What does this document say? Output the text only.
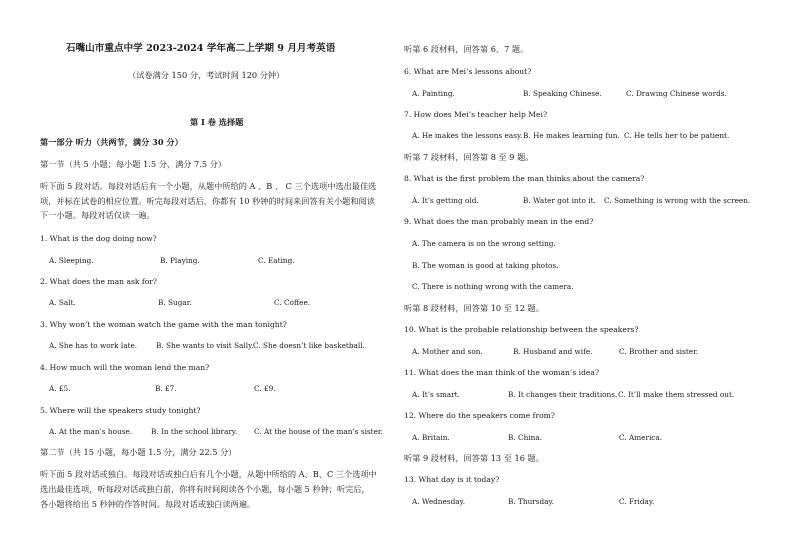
石嘴山市重点中学 2023-2024 学年高二上学期 9 月月考英语
（试卷满分 150 分，考试时间 120 分钟）
第 I 卷 选择题
第一部分 听力（共两节，满分 30 分）
第一节（共 5 小题；每小题 1.5 分，满分 7.5 分）
听下面 5 段对话。每段对话后有一个小题，从题中所给的 A 、B 、 C 三个选项中选出最佳选
项，并标在试卷的相应位置。听完每段对话后，你都有 10 秒钟的时间来回答有关小题和阅读
下一小题。每段对话仅读一遍。
1. What is the dog doing now?
A. Sleeping.	B. Playing.	C. Eating.
2. What does the man ask for?
A. Salt.	B. Sugar.	C. Coffee.
3. Why won’t the woman watch the game with the man tonight?
A. She has to work late.	B. She wants to visit Sally. C. She doesn’t like basketball.
4. How much will the woman lend the man?
A. £5.	B. £7.	C. £9.
5. Where will the speakers study tonight?
A. At the man’s house.	B. In the school library. C. At the house of the man’s sister.
第二节（共 15 小题，每小题 1.5 分，满分 22.5 分）
听下面 5 段对话或独白。每段对话或独白后有几个小题，从题中所给的 A、B、C 三个选项中
选出最佳选项，听每段对话或独白前，你将有时间阅读各个小题，每小题 5 秒钟；听完后，
各小题将给出 5 秒钟的作答时间。每段对话或独白读两遍。
听第 6 段材料，回答第 6、7 题。
6. What are Mei’s lessons about?
A. Painting.	B. Speaking Chinese.	C. Drawing Chinese words.
7. How does Mei’s teacher help Mei?
A. He makes the lessons easy. B. He makes learning fun. C. He tells her to be patient.
听第 7 段材料，回答第 8 至 9 题。
8. What is the first problem the man thinks about the camera?
A. It’s getting old.	B. Water got into it. C. Something is wrong with the screen.
9. What does the man probably mean in the end?
A. The camera is on the wrong setting.
B. The woman is good at taking photos.
C. There is nothing wrong with the camera.
听第 8 段材料，回答第 10 至 12 题。
10. What is the probable relationship between the speakers?
A. Mother and son.	B. Husband and wife.	C. Brother and sister.
11. What does the man think of the woman’s idea?
A. It’s smart.	B. It changes their traditions. C. It’ll make them stressed out.
12. Where do the speakers come from?
A. Britain.	B. China.	C. America.
听第 9 段材料，回答第 13 至 16 题。
13. What day is it today?
A. Wednesday.	B. Thursday.	C. Friday.
